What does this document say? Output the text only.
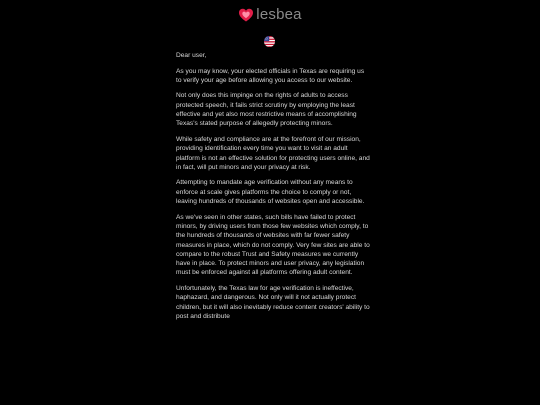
lesbea

Dear user,

As you may know, your elected officials in Texas are requiring us to verify your age before allowing you access to our website.

Not only does this impinge on the rights of adults to access protected speech, it fails strict scrutiny by employing the least effective and yet also most restrictive means of accomplishing Texas's stated purpose of allegedly protecting minors.

While safety and compliance are at the forefront of our mission, providing identification every time you want to visit an adult platform is not an effective solution for protecting users online, and in fact, will put minors and your privacy at risk.

Attempting to mandate age verification without any means to enforce at scale gives platforms the choice to comply or not, leaving hundreds of thousands of websites open and accessible.

As we've seen in other states, such bills have failed to protect minors, by driving users from those few websites which comply, to the hundreds of thousands of websites with far fewer safety measures in place, which do not comply. Very few sites are able to compare to the robust Trust and Safety measures we currently have in place. To protect minors and user privacy, any legislation must be enforced against all platforms offering adult content.

Unfortunately, the Texas law for age verification is ineffective, haphazard, and dangerous. Not only will it not actually protect children, but it will also inevitably reduce content creators' ability to post and distribute
